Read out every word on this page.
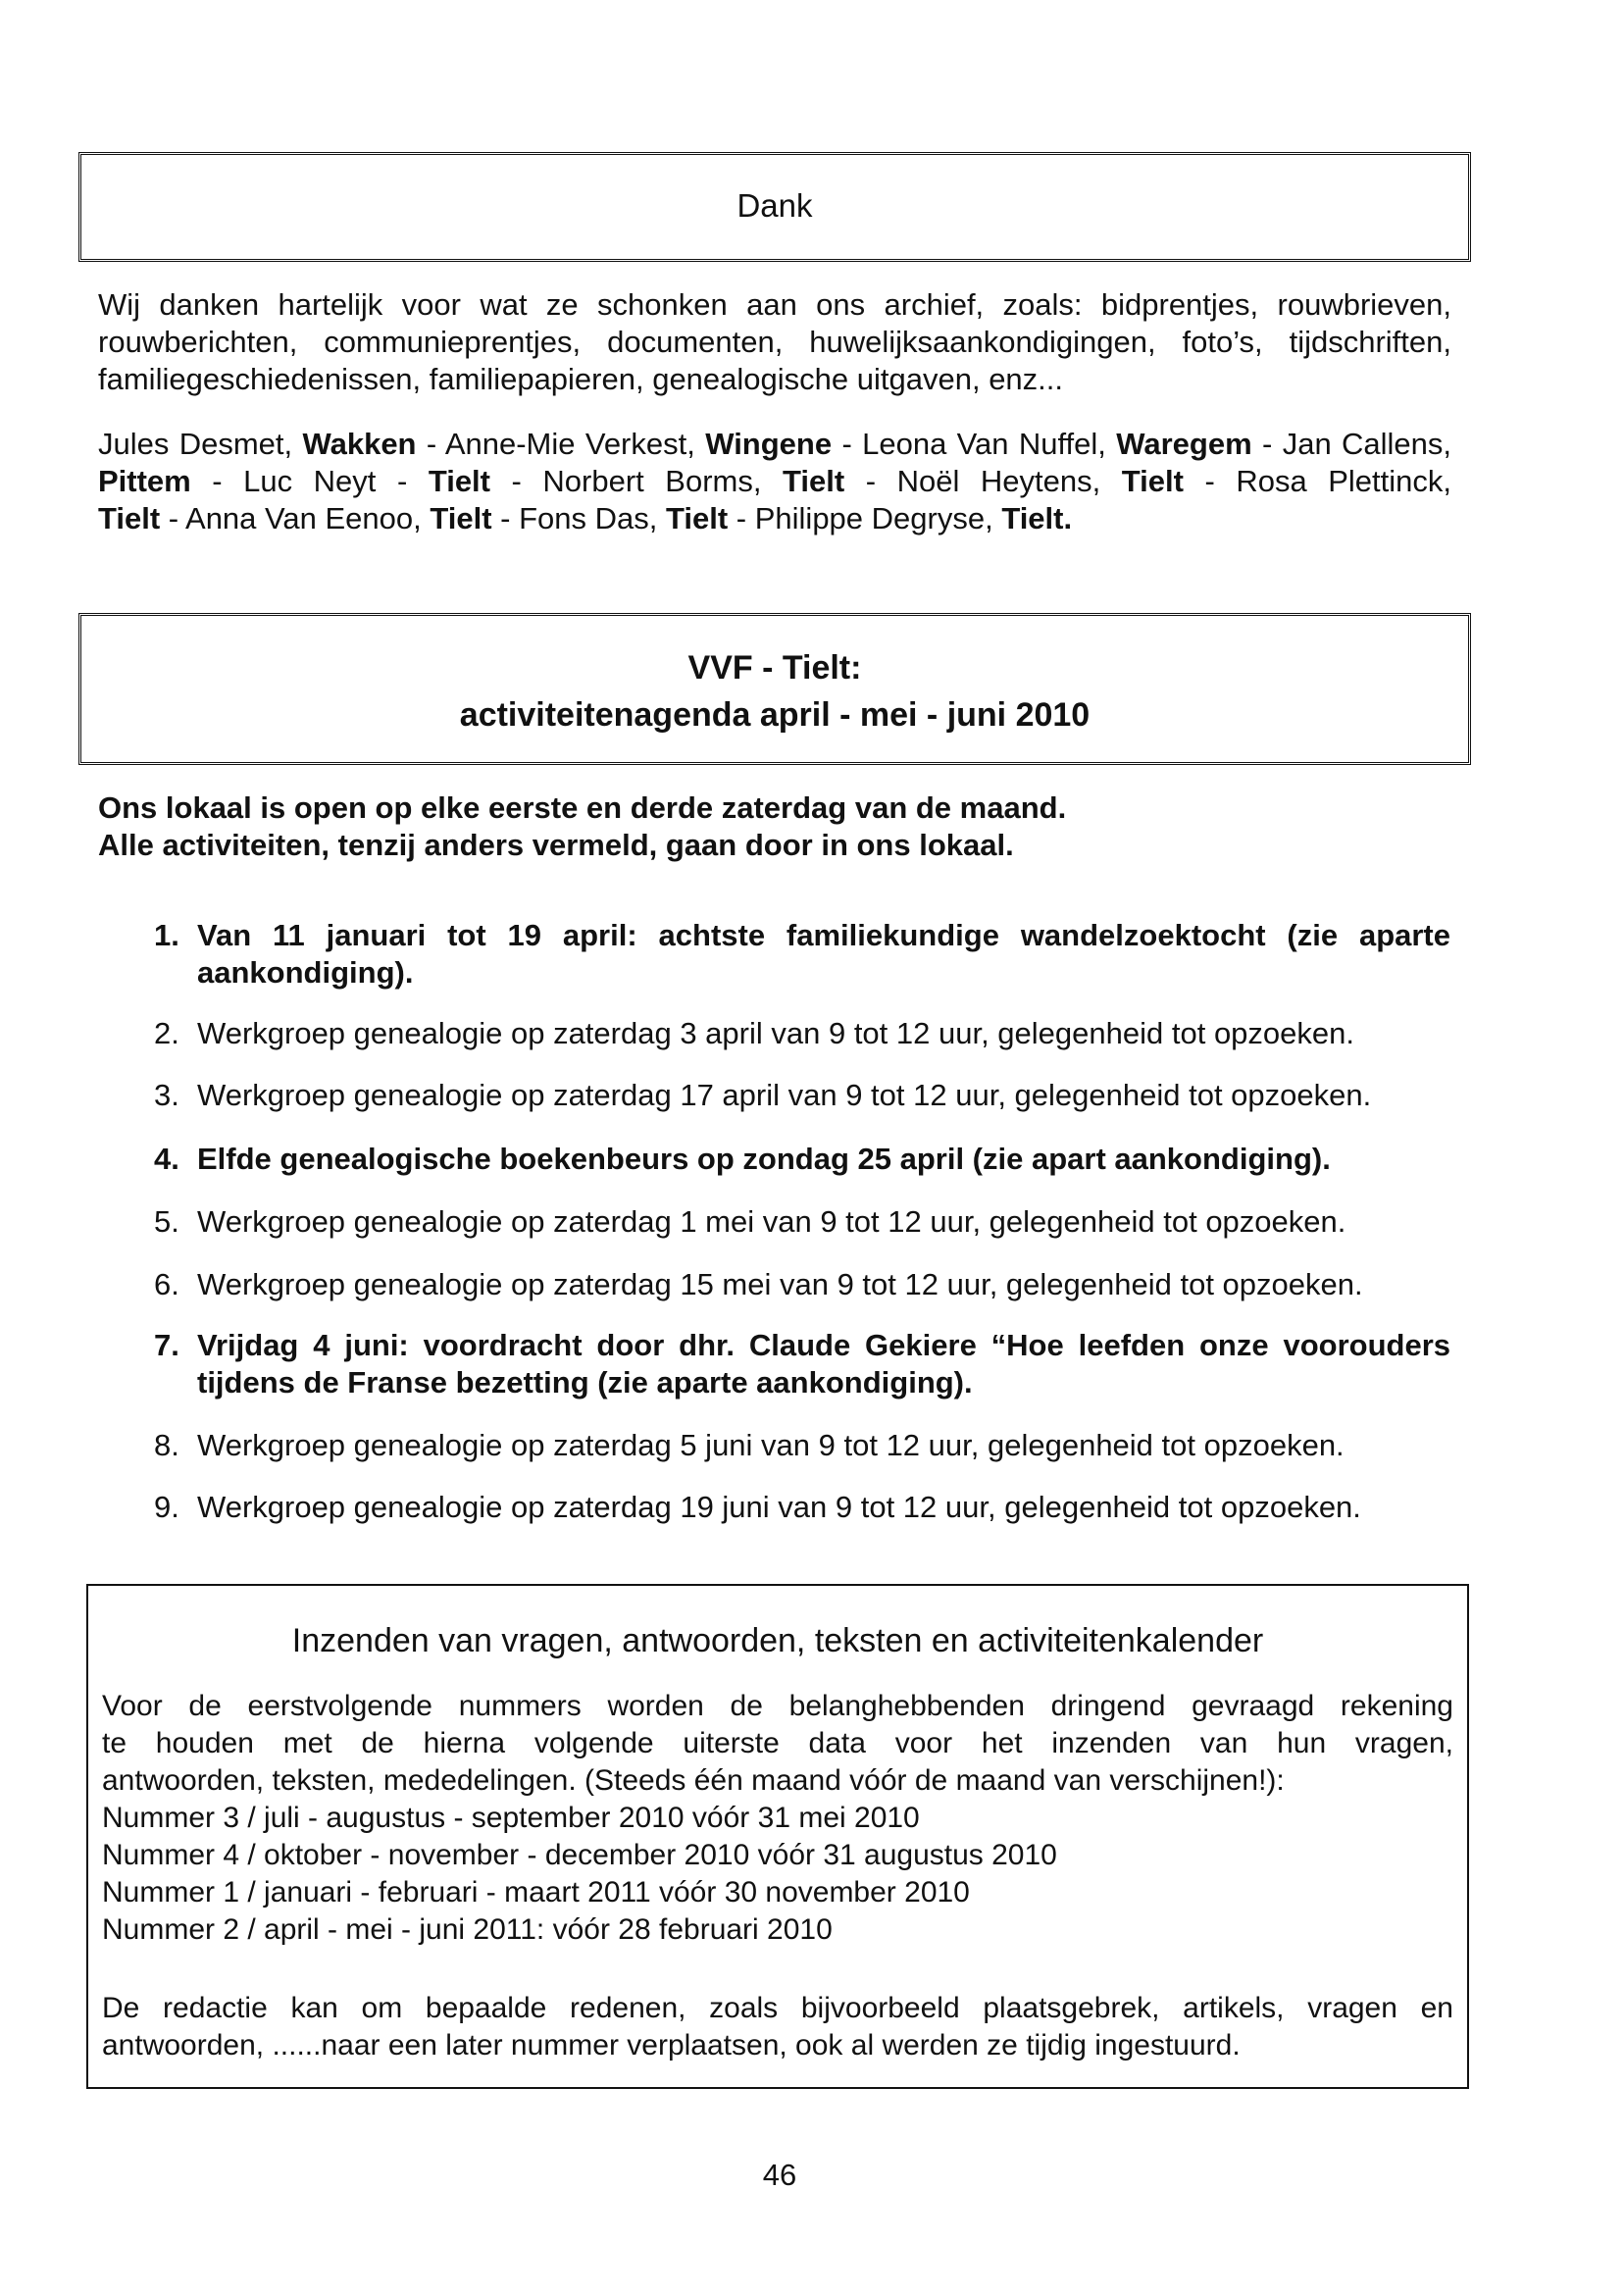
Dank
Wij danken hartelijk voor wat ze schonken aan ons archief, zoals: bidprentjes, rouwbrieven,
rouwberichten, communieprentjes, documenten, huwelijksaankondigingen, foto’s, tijdschriften,
familiegeschiedenissen, familiepapieren, genealogische uitgaven, enz...
Jules Desmet, Wakken - Anne-Mie Verkest, Wingene - Leona Van Nuffel, Waregem - Jan Callens,
Pittem - Luc Neyt - Tielt - Norbert Borms, Tielt - Noël Heytens, Tielt - Rosa Plettinck,
Tielt - Anna Van Eenoo, Tielt - Fons Das, Tielt - Philippe Degryse, Tielt.
VVF - Tielt:
activiteitenagenda april - mei - juni 2010
Ons lokaal is open op elke eerste en derde zaterdag van de maand.
Alle activiteiten, tenzij anders vermeld, gaan door in ons lokaal.
1. Van 11 januari tot 19 april: achtste familiekundige wandelzoektocht (zie aparte
aankondiging).
2. Werkgroep genealogie op zaterdag 3 april van 9 tot 12 uur, gelegenheid tot opzoeken.
3. Werkgroep genealogie op zaterdag 17 april van 9 tot 12 uur, gelegenheid tot opzoeken.
4. Elfde genealogische boekenbeurs op zondag 25 april (zie apart aankondiging).
5. Werkgroep genealogie op zaterdag 1 mei van 9 tot 12 uur, gelegenheid tot opzoeken.
6. Werkgroep genealogie op zaterdag 15 mei van 9 tot 12 uur, gelegenheid tot opzoeken.
7. Vrijdag 4 juni: voordracht door dhr. Claude Gekiere “Hoe leefden onze voorouders
tijdens de Franse bezetting (zie aparte aankondiging).
8. Werkgroep genealogie op zaterdag 5 juni van 9 tot 12 uur, gelegenheid tot opzoeken.
9. Werkgroep genealogie op zaterdag 19 juni van 9 tot 12 uur, gelegenheid tot opzoeken.
Inzenden van vragen, antwoorden, teksten en activiteitenkalender
Voor de eerstvolgende nummers worden de belanghebbenden dringend gevraagd rekening
te houden met de hierna volgende uiterste data voor het inzenden van hun vragen,
antwoorden, teksten, mededelingen. (Steeds één maand vóór de maand van verschijnen!):
Nummer 3 / juli - augustus - september 2010 vóór 31 mei 2010
Nummer 4 / oktober - november - december 2010 vóór 31 augustus 2010
Nummer 1 / januari - februari - maart 2011 vóór 30 november 2010
Nummer 2 / april - mei - juni 2011: vóór 28 februari 2010
De redactie kan om bepaalde redenen, zoals bijvoorbeeld plaatsgebrek, artikels, vragen en
antwoorden, ......naar een later nummer verplaatsen, ook al werden ze tijdig ingestuurd.
46
